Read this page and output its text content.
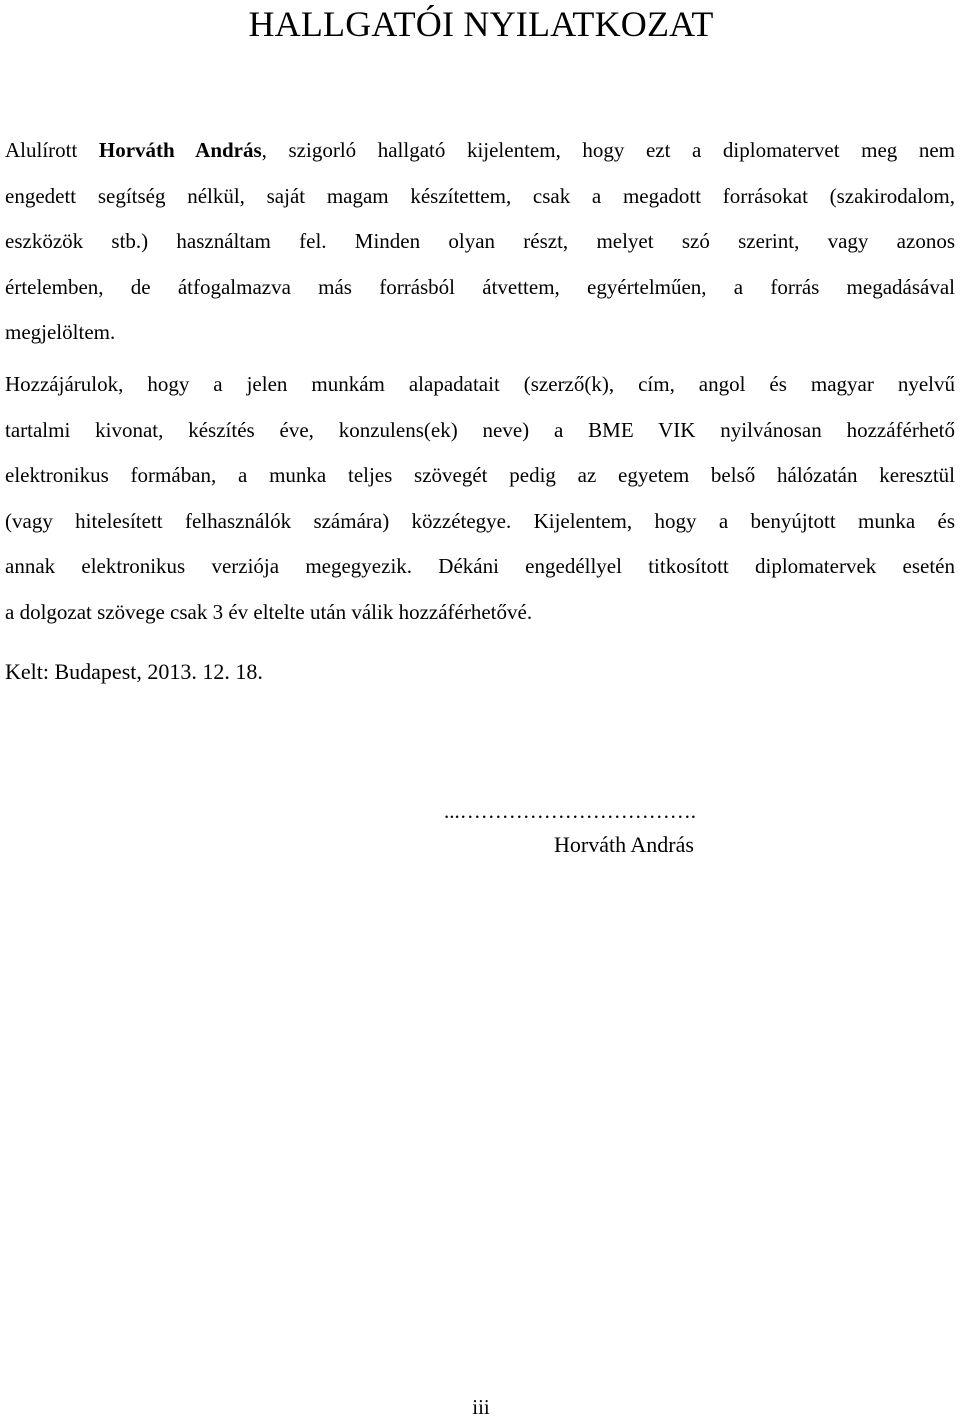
HALLGATÓI NYILATKOZAT

Alulírott Horváth András, szigorló hallgató kijelentem, hogy ezt a diplomatervet meg nem
engedett segítség nélkül, saját magam készítettem, csak a megadott forrásokat (szakirodalom,
eszközök stb.) használtam fel. Minden olyan részt, melyet szó szerint, vagy azonos
értelemben, de átfogalmazva más forrásból átvettem, egyértelműen, a forrás megadásával
megjelöltem.

Hozzájárulok, hogy a jelen munkám alapadatait (szerző(k), cím, angol és magyar nyelvű
tartalmi kivonat, készítés éve, konzulens(ek) neve) a BME VIK nyilvánosan hozzáférhető
elektronikus formában, a munka teljes szövegét pedig az egyetem belső hálózatán keresztül
(vagy hitelesített felhasználók számára) közzétegye. Kijelentem, hogy a benyújtott munka és
annak elektronikus verziója megegyezik. Dékáni engedéllyel titkosított diplomatervek esetén
a dolgozat szövege csak 3 év eltelte után válik hozzáférhetővé.

Kelt: Budapest, 2013. 12. 18.

...…………………………….

Horváth András

iii
